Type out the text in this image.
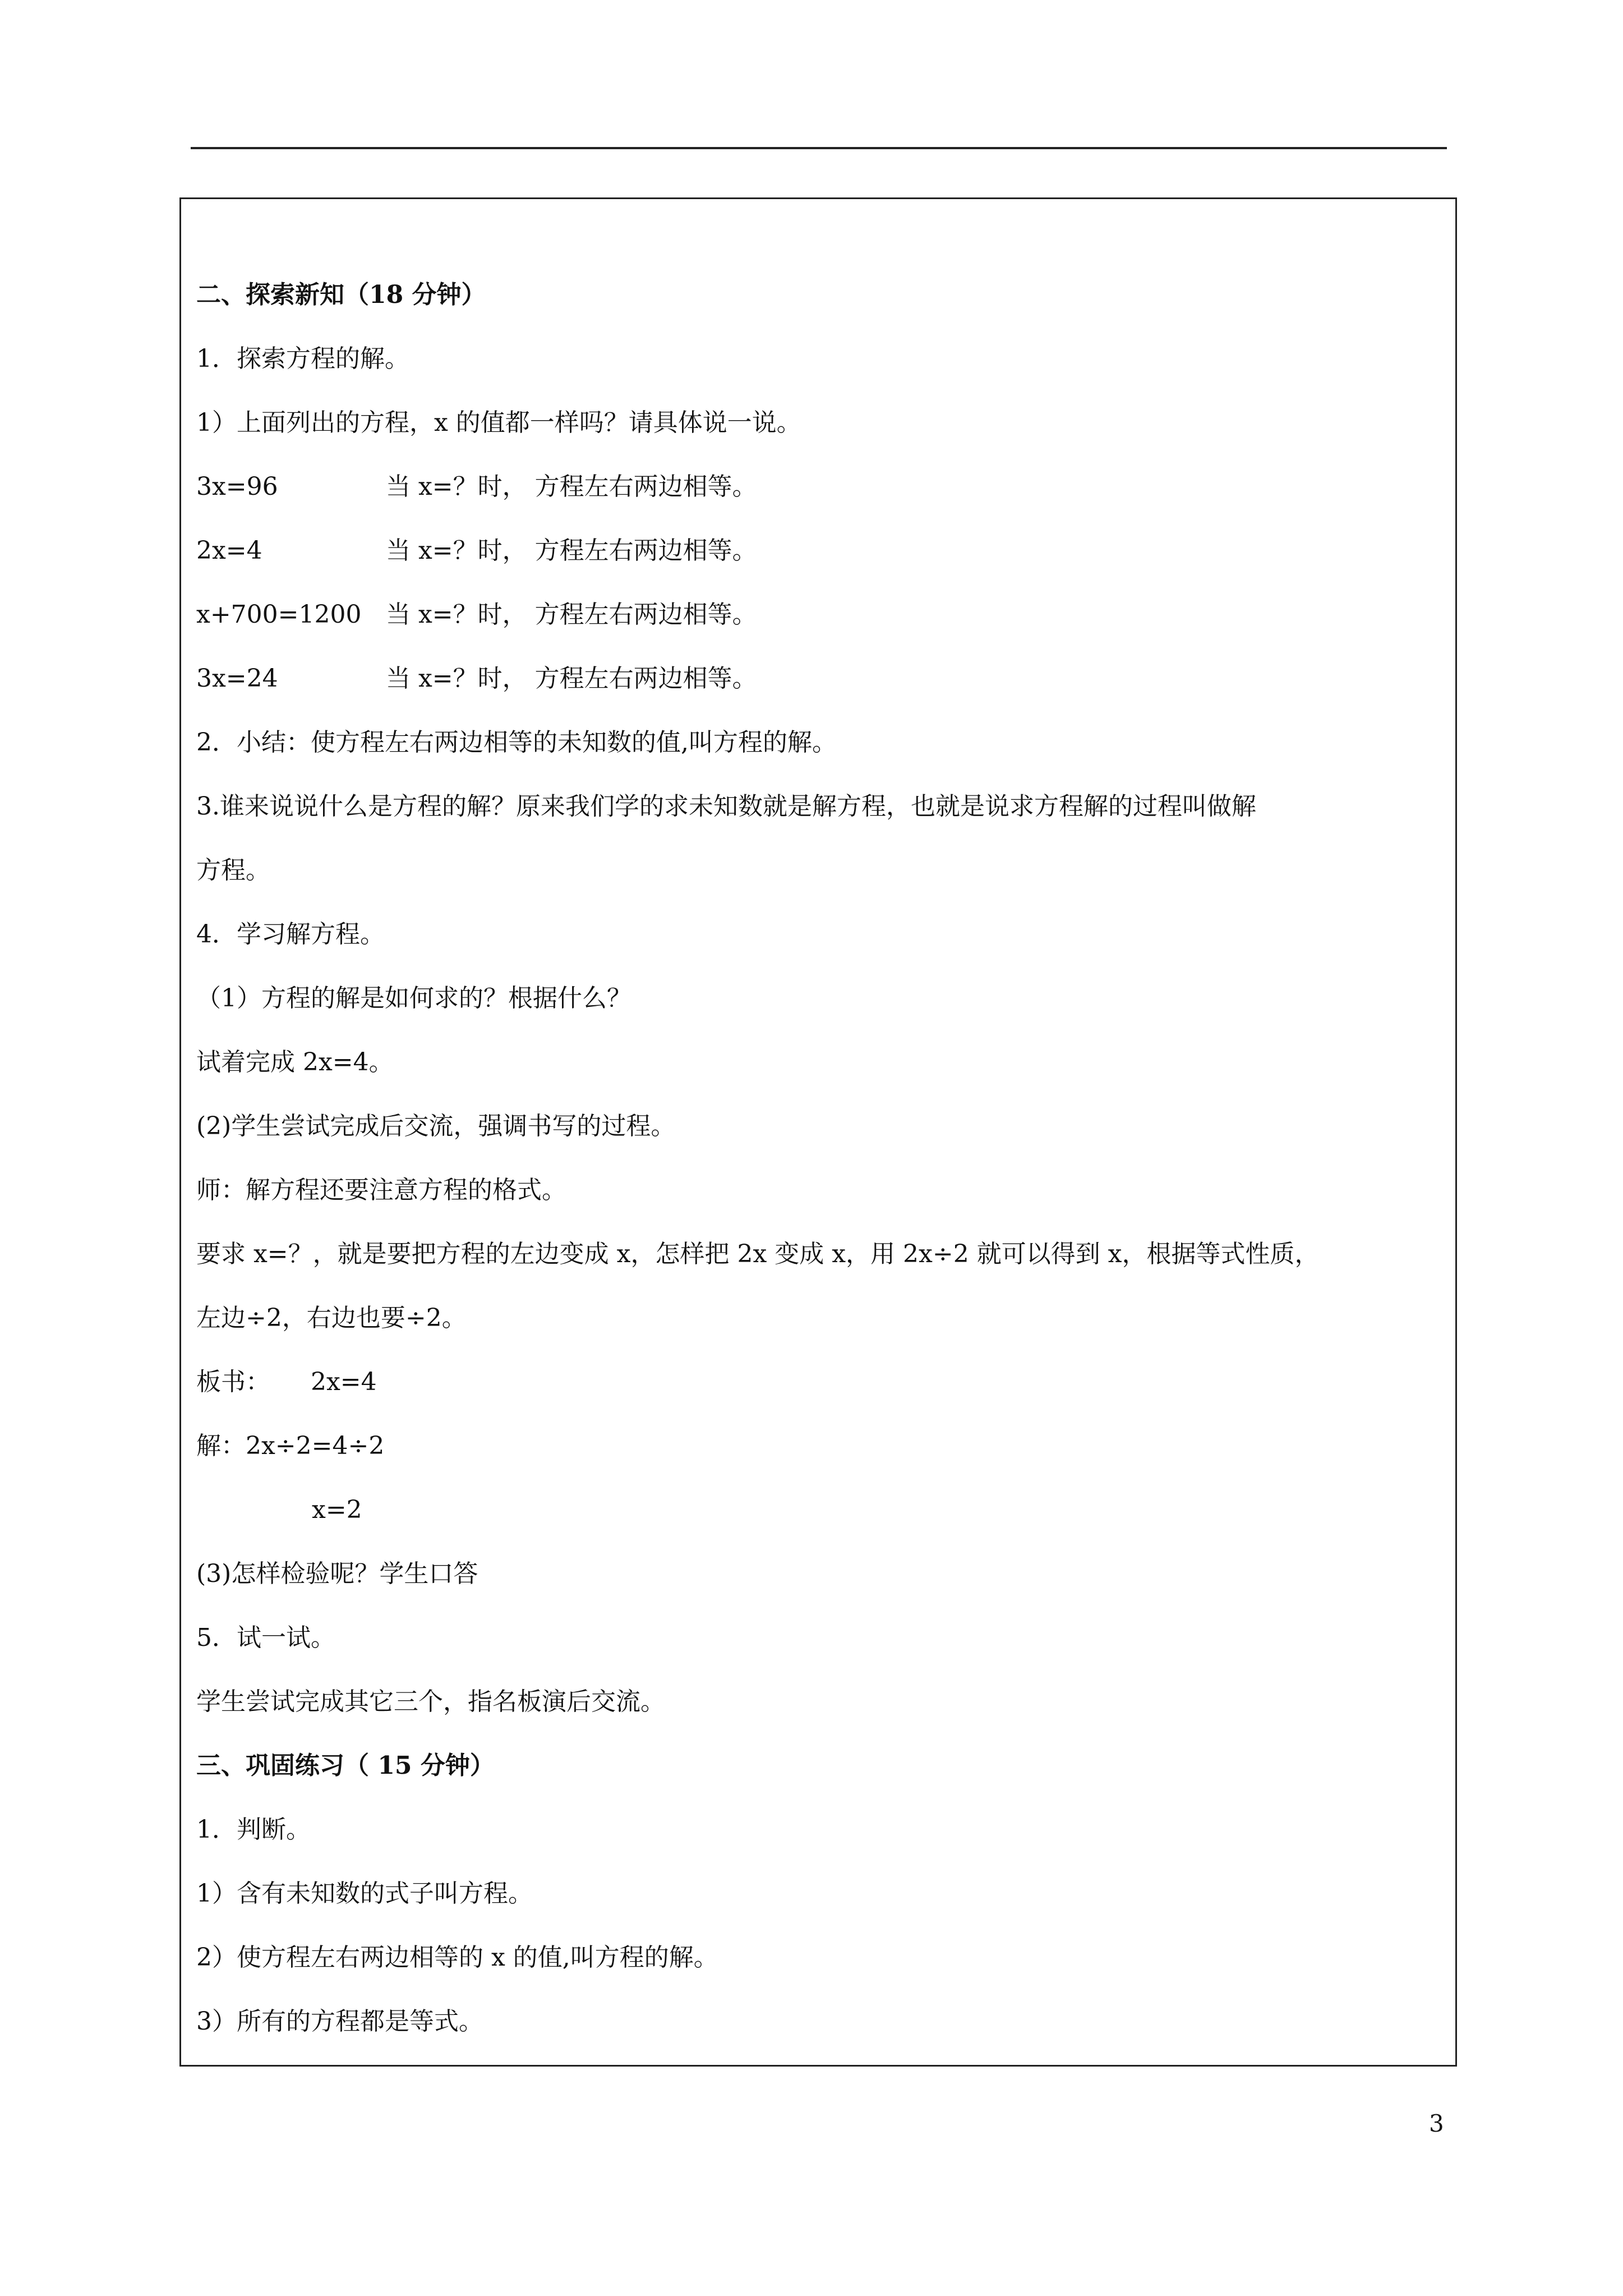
二、探索新知（18 分钟）
1．探索方程的解。
1）上面列出的方程，x 的值都一样吗？请具体说一说。
3x=96	当 x=？时， 方程左右两边相等。
2x=4	当 x=？时， 方程左右两边相等。
x+700=1200 当 x=？时， 方程左右两边相等。
3x=24	当 x=？时， 方程左右两边相等。
2．小结：使方程左右两边相等的未知数的值,叫方程的解。
3.谁来说说什么是方程的解？原来我们学的求未知数就是解方程，也就是说求方程解的过程叫做解
方程。
4．学习解方程。
（1）方程的解是如何求的？根据什么？
试着完成 2x=4。
(2)学生尝试完成后交流，强调书写的过程。
师：解方程还要注意方程的格式。
要求 x=？，就是要把方程的左边变成 x，怎样把 2x 变成 x，用 2x÷2 就可以得到 x，根据等式性质，
左边÷2，右边也要÷2。
板书： 2x=4
解：2x÷2=4÷2
x=2
(3)怎样检验呢？学生口答
5．试一试。
学生尝试完成其它三个，指名板演后交流。
三、巩固练习（ 15 分钟）
1．判断。
1）含有未知数的式子叫方程。
2）使方程左右两边相等的 x 的值,叫方程的解。
3）所有的方程都是等式。
3
